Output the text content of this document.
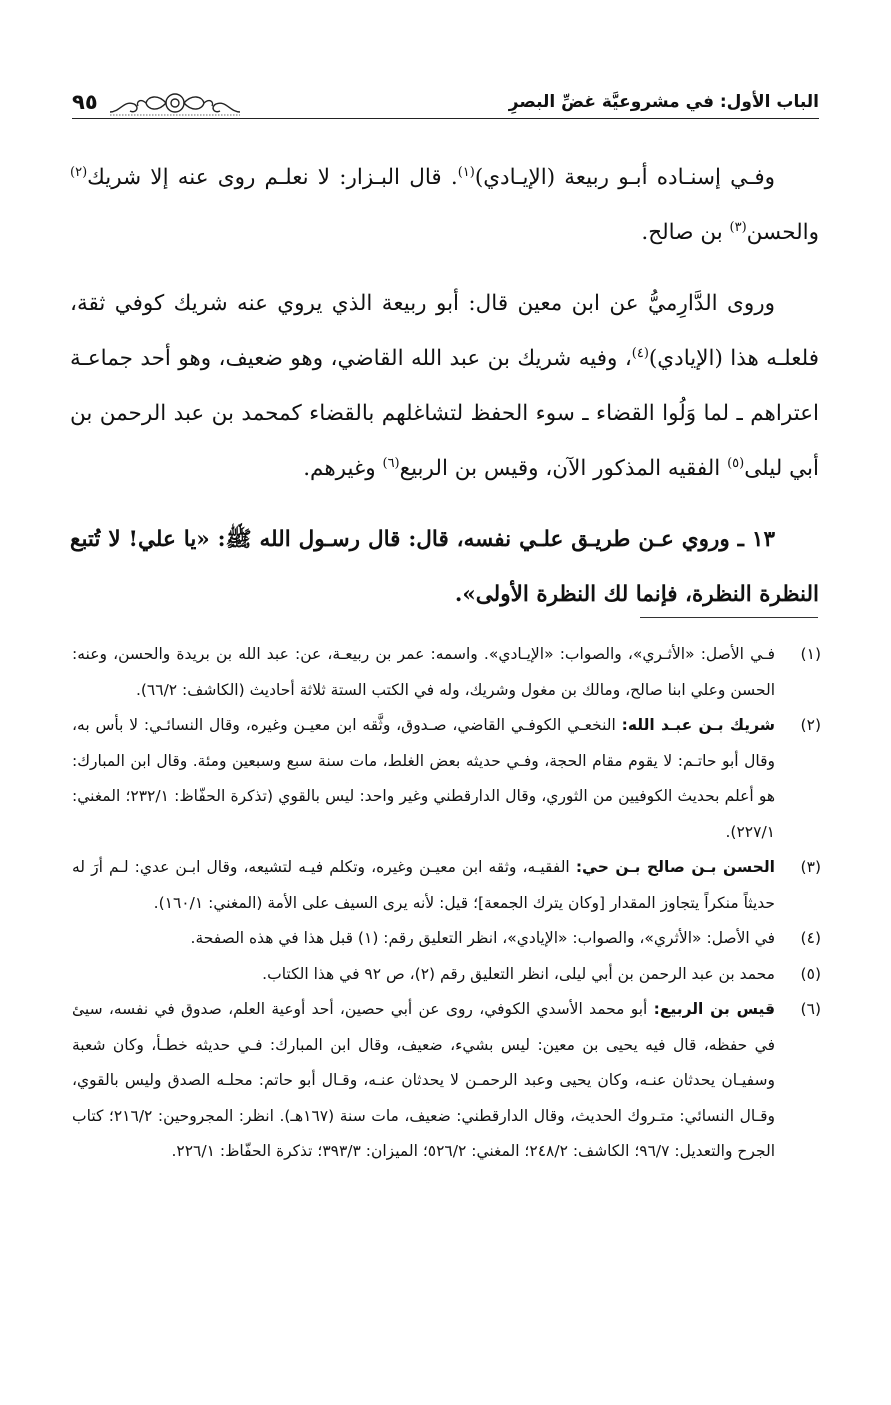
الباب الأول: في مشروعيَّة غضِّ البصرِ
٩٥

وفـي إسنـاده أبـو ربيعة (الإيـادي)$^{(١)}$. قال البـزار: لا نعلـم روى عنه إلا شريك$^{(٢)}$ والحسن$^{(٣)}$ بن صالح.

وروى الدَّارِميُّ عن ابن معين قال: أبو ربيعة الذي يروي عنه شريك كوفي ثقة، فلعلـه هذا (الإيادي)$^{(٤)}$، وفيه شريك بن عبد الله القاضي، وهو ضعيف، وهو أحد جماعـة اعتراهم ـ لما وَلُوا القضاء ـ سوء الحفظ لتشاغلهم بالقضاء كمحمد بن عبد الرحمن بن أبي ليلى$^{(٥)}$ الفقيه المذكور الآن، وقيس بن الربيع$^{(٦)}$ وغيرهم.

١٣ ـ وروي عـن طريـق علـي نفسه، قال: قال رسـول الله ﷺ: «يا علي! لا تُتبع النظرة النظرة، فإنما لك النظرة الأولى».

(١)
فـي الأصل: «الأثـري»، والصواب: «الإيـادي». واسمه: عمر بن ربيعـة، عن: عبد الله بن بريدة والحسن، وعنه: الحسن وعلي ابنا صالح، ومالك بن مغول وشريك، وله في الكتب الستة ثلاثة أحاديث (الكاشف: ٦٦/٢).
(٢)
شريك بـن عبـد الله: النخعـي الكوفـي القاضي، صـدوق، وثَّقه ابن معيـن وغيره، وقال النسائـي: لا بأس به، وقال أبو حاتـم: لا يقوم مقام الحجة، وفـي حديثه بعض الغلط، مات سنة سبع وسبعين ومئة. وقال ابن المبارك: هو أعلم بحديث الكوفيين من الثوري، وقال الدارقطني وغير واحد: ليس بالقوي (تذكرة الحفّاظ: ٢٣٢/١؛ المغني: ٢٢٧/١).
(٣)
الحسن بـن صالح بـن حي: الفقيـه، وثقه ابن معيـن وغيره، وتكلم فيـه لتشيعه، وقال ابـن عدي: لـم أرَ له حديثاً منكراً يتجاوز المقدار [وكان يترك الجمعة]؛ قيل: لأنه يرى السيف على الأمة (المغني: ١٦٠/١).
(٤)
في الأصل: «الأثري»، والصواب: «الإيادي»، انظر التعليق رقم: (١) قبل هذا في هذه الصفحة.
(٥)
محمد بن عبد الرحمن بن أبي ليلى، انظر التعليق رقم (٢)، ص ٩٢ في هذا الكتاب.
(٦)
قيس بن الربيع: أبو محمد الأسدي الكوفي، روى عن أبي حصين، أحد أوعية العلم، صدوق في نفسه، سيئ في حفظه، قال فيه يحيى بن معين: ليس بشيء، ضعيف، وقال ابن المبارك: فـي حديثه خطـأ، وكان شعبة وسفيـان يحدثان عنـه، وكان يحيى وعبد الرحمـن لا يحدثان عنـه، وقـال أبو حاتم: محلـه الصدق وليس بالقوي، وقـال النسائي: متـروك الحديث، وقال الدارقطني: ضعيف، مات سنة (١٦٧هـ). انظر: المجروحين: ٢١٦/٢؛ كتاب الجرح والتعديل: ٩٦/٧؛ الكاشف: ٢٤٨/٢؛ المغني: ٥٢٦/٢؛ الميزان: ٣٩٣/٣؛ تذكرة الحفّاظ: ٢٢٦/١.
